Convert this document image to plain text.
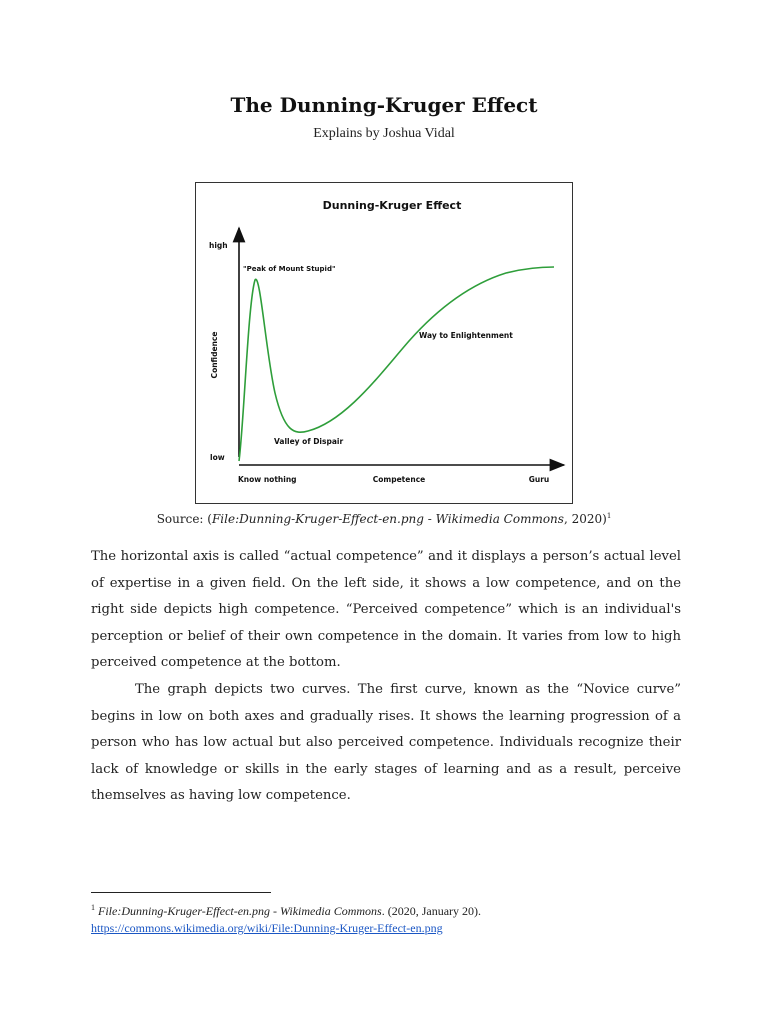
The Dunning-Kruger Effect
Explains by Joshua Vidal
Dunning-Kruger Effect
high
low
Confidence
Know nothing	Competence	Guru
"Peak of Mount Stupid"
Way to Enlightenment
Valley of Dispair
Source: (File:Dunning-Kruger-Effect-en.png - Wikimedia Commons, 2020)$^1$
The horizontal axis is called “actual competence” and it displays a person’s actual level of expertise in a given field. On the left side, it shows a low competence, and on the right side depicts high competence. “Perceived competence” which is an individual's perception or belief of their own competence in the domain. It varies from low to high perceived competence at the bottom.
The graph depicts two curves. The first curve, known as the “Novice curve” begins in low on both axes and gradually rises. It shows the learning progression of a person who has low actual but also perceived competence. Individuals recognize their lack of knowledge or skills in the early stages of learning and as a result, perceive themselves as having low competence.
$^1$ File:Dunning-Kruger-Effect-en.png - Wikimedia Commons. (2020, January 20).
https://commons.wikimedia.org/wiki/File:Dunning-Kruger-Effect-en.png
